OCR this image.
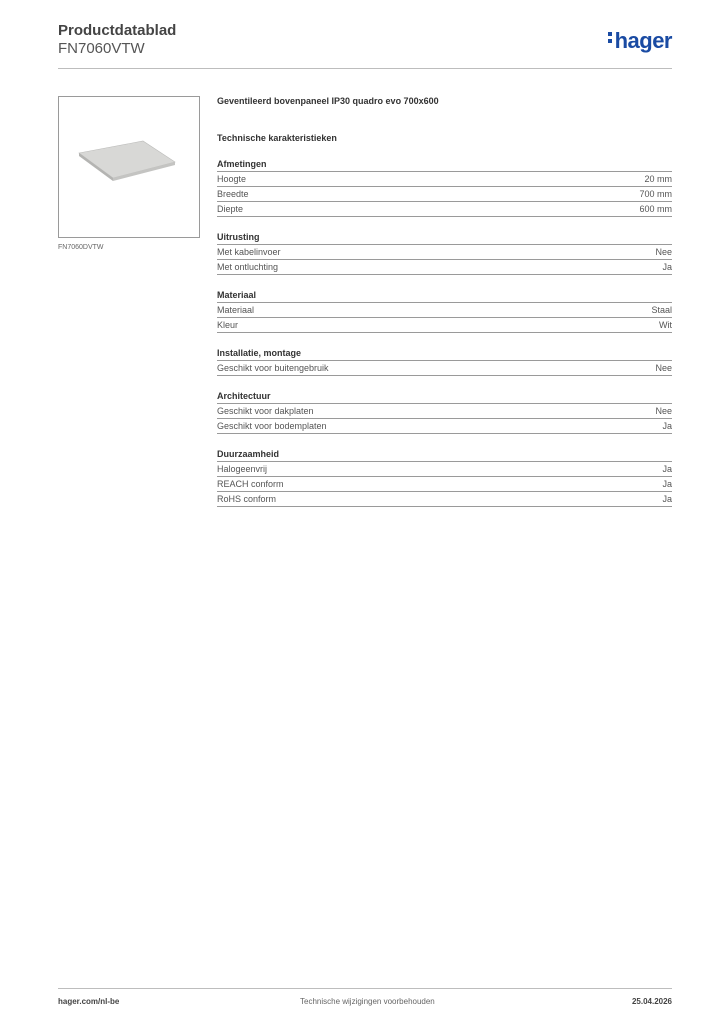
Productdatablad
FN7060VTW	hager
FN7060DVTW
Geventileerd bovenpaneel IP30 quadro evo 700x600
Technische karakteristieken
Afmetingen
Hoogte	20 mm
Breedte	700 mm
Diepte	600 mm
Uitrusting
Met kabelinvoer	Nee
Met ontluchting	Ja
Materiaal
Materiaal	Staal
Kleur	Wit
Installatie, montage
Geschikt voor buitengebruik	Nee
Architectuur
Geschikt voor dakplaten	Nee
Geschikt voor bodemplaten	Ja
Duurzaamheid
Halogeenvrij	Ja
REACH conform	Ja
RoHS conform	Ja
hager.com/nl-be	Technische wijzigingen voorbehouden	25.04.2026
